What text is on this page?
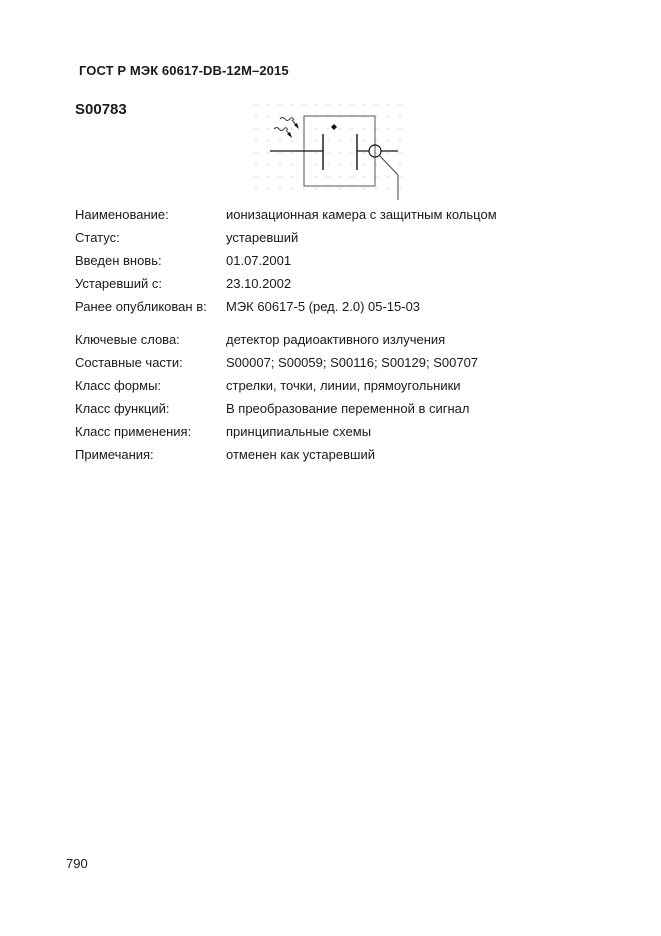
ГОСТ Р МЭК 60617-DB-12M–2015
S00783
Наименование:	ионизационная камера с защитным кольцом
Статус:	устаревший
Введен вновь:	01.07.2001
Устаревший с:	23.10.2002
Ранее опубликован в:	МЭК 60617-5 (ред. 2.0) 05-15-03
Ключевые слова:	детектор радиоактивного излучения
Составные части:	S00007; S00059; S00116; S00129; S00707
Класс формы:	стрелки, точки, линии, прямоугольники
Класс функций:	В преобразование переменной в сигнал
Класс применения:	принципиальные схемы
Примечания:	отменен как устаревший
790
